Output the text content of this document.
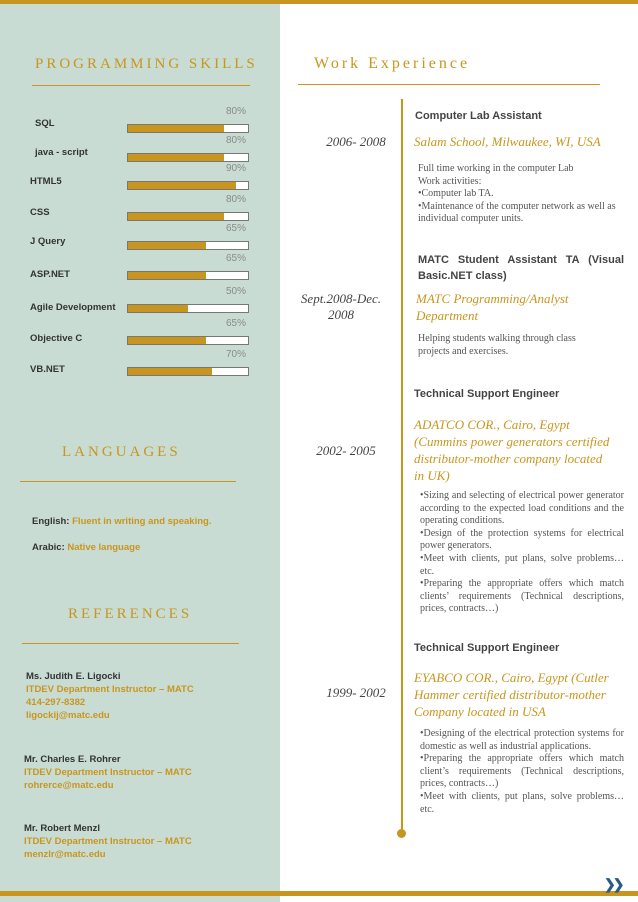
PROGRAMMING SKILLS
SQL
80%
java - script
80%
HTML5
90%
CSS
80%
J Query
65%
ASP.NET
65%
Agile Development
50%
Objective C
65%
VB.NET
70%
LANGUAGES
English: Fluent in writing and speaking.
Arabic: Native language
REFERENCES
Ms. Judith E. Ligocki
ITDEV Department Instructor – MATC
414-297-8382
ligockij@matc.edu
Mr. Charles E. Rohrer
ITDEV Department Instructor – MATC
rohrerce@matc.edu
Mr. Robert Menzl
ITDEV Department Instructor – MATC
menzlr@matc.edu
Work Experience
Computer Lab Assistant
2006- 2008	Salam School, Milwaukee, WI, USA
Full time working in the computer Lab
Work activities:
•Computer lab TA.
•Maintenance of the computer network as well as individual computer units.
MATC Student Assistant TA (Visual Basic.NET class)
Sept.2008-Dec. 2008
MATC Programming/Analyst Department
Helping students walking through class projects and exercises.
Technical Support Engineer
2002- 2005
ADATCO COR., Cairo, Egypt (Cummins power generators certified distributor-mother company located in UK)
•Sizing and selecting of electrical power generator according to the expected load conditions and the operating conditions.
•Design of the protection systems for electrical power generators.
•Meet with clients, put plans, solve problems…etc.
•Preparing the appropriate offers which match clients’ requirements (Technical descriptions, prices, contracts…)
Technical Support Engineer
1999- 2002
EYABCO COR., Cairo, Egypt (Cutler Hammer certified distributor-mother Company located in USA
•Designing of the electrical protection systems for domestic as well as industrial applications.
•Preparing the appropriate offers which match client’s requirements (Technical descriptions, prices, contracts…)
•Meet with clients, put plans, solve problems…etc.
❯❯
